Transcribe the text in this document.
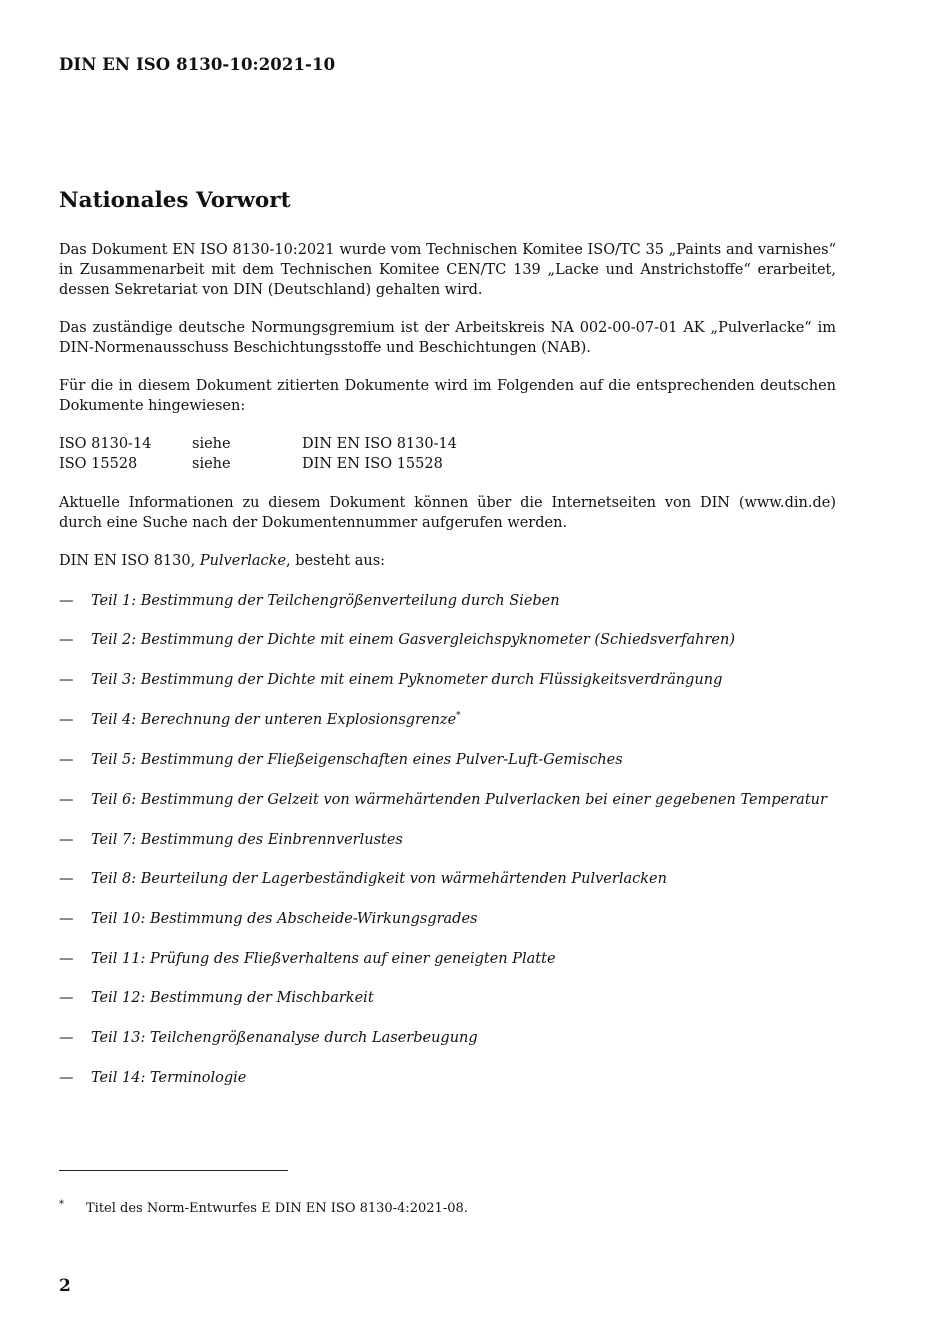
DIN EN ISO 8130-10:2021-10
Nationales Vorwort
Das Dokument EN ISO 8130-10:2021 wurde vom Technischen Komitee ISO/TC 35 „Paints and varnishes“ in Zusammenarbeit mit dem Technischen Komitee CEN/TC 139 „Lacke und Anstrichstoffe“ erarbeitet, dessen Sekretariat von DIN (Deutschland) gehalten wird.
Das zuständige deutsche Normungsgremium ist der Arbeitskreis NA 002-00-07-01 AK „Pulverlacke“ im DIN-Normenausschuss Beschichtungsstoffe und Beschichtungen (NAB).
Für die in diesem Dokument zitierten Dokumente wird im Folgenden auf die entsprechenden deutschen Dokumente hingewiesen:
ISO 8130-14	siehe	DIN EN ISO 8130-14
ISO 15528	siehe	DIN EN ISO 15528
Aktuelle Informationen zu diesem Dokument können über die Internetseiten von DIN (www.din.de) durch eine Suche nach der Dokumentennummer aufgerufen werden.
DIN EN ISO 8130, Pulverlacke, besteht aus:
— Teil 1: Bestimmung der Teilchengrößenverteilung durch Sieben
— Teil 2: Bestimmung der Dichte mit einem Gasvergleichspyknometer (Schiedsverfahren)
— Teil 3: Bestimmung der Dichte mit einem Pyknometer durch Flüssigkeitsverdrängung
— Teil 4: Berechnung der unteren Explosionsgrenze*
— Teil 5: Bestimmung der Fließeigenschaften eines Pulver-Luft-Gemisches
— Teil 6: Bestimmung der Gelzeit von wärmehärtenden Pulverlacken bei einer gegebenen Temperatur
— Teil 7: Bestimmung des Einbrennverlustes
— Teil 8: Beurteilung der Lagerbeständigkeit von wärmehärtenden Pulverlacken
— Teil 10: Bestimmung des Abscheide-Wirkungsgrades
— Teil 11: Prüfung des Fließverhaltens auf einer geneigten Platte
— Teil 12: Bestimmung der Mischbarkeit
— Teil 13: Teilchengrößenanalyse durch Laserbeugung
— Teil 14: Terminologie
* Titel des Norm-Entwurfes E DIN EN ISO 8130-4:2021-08.
2
